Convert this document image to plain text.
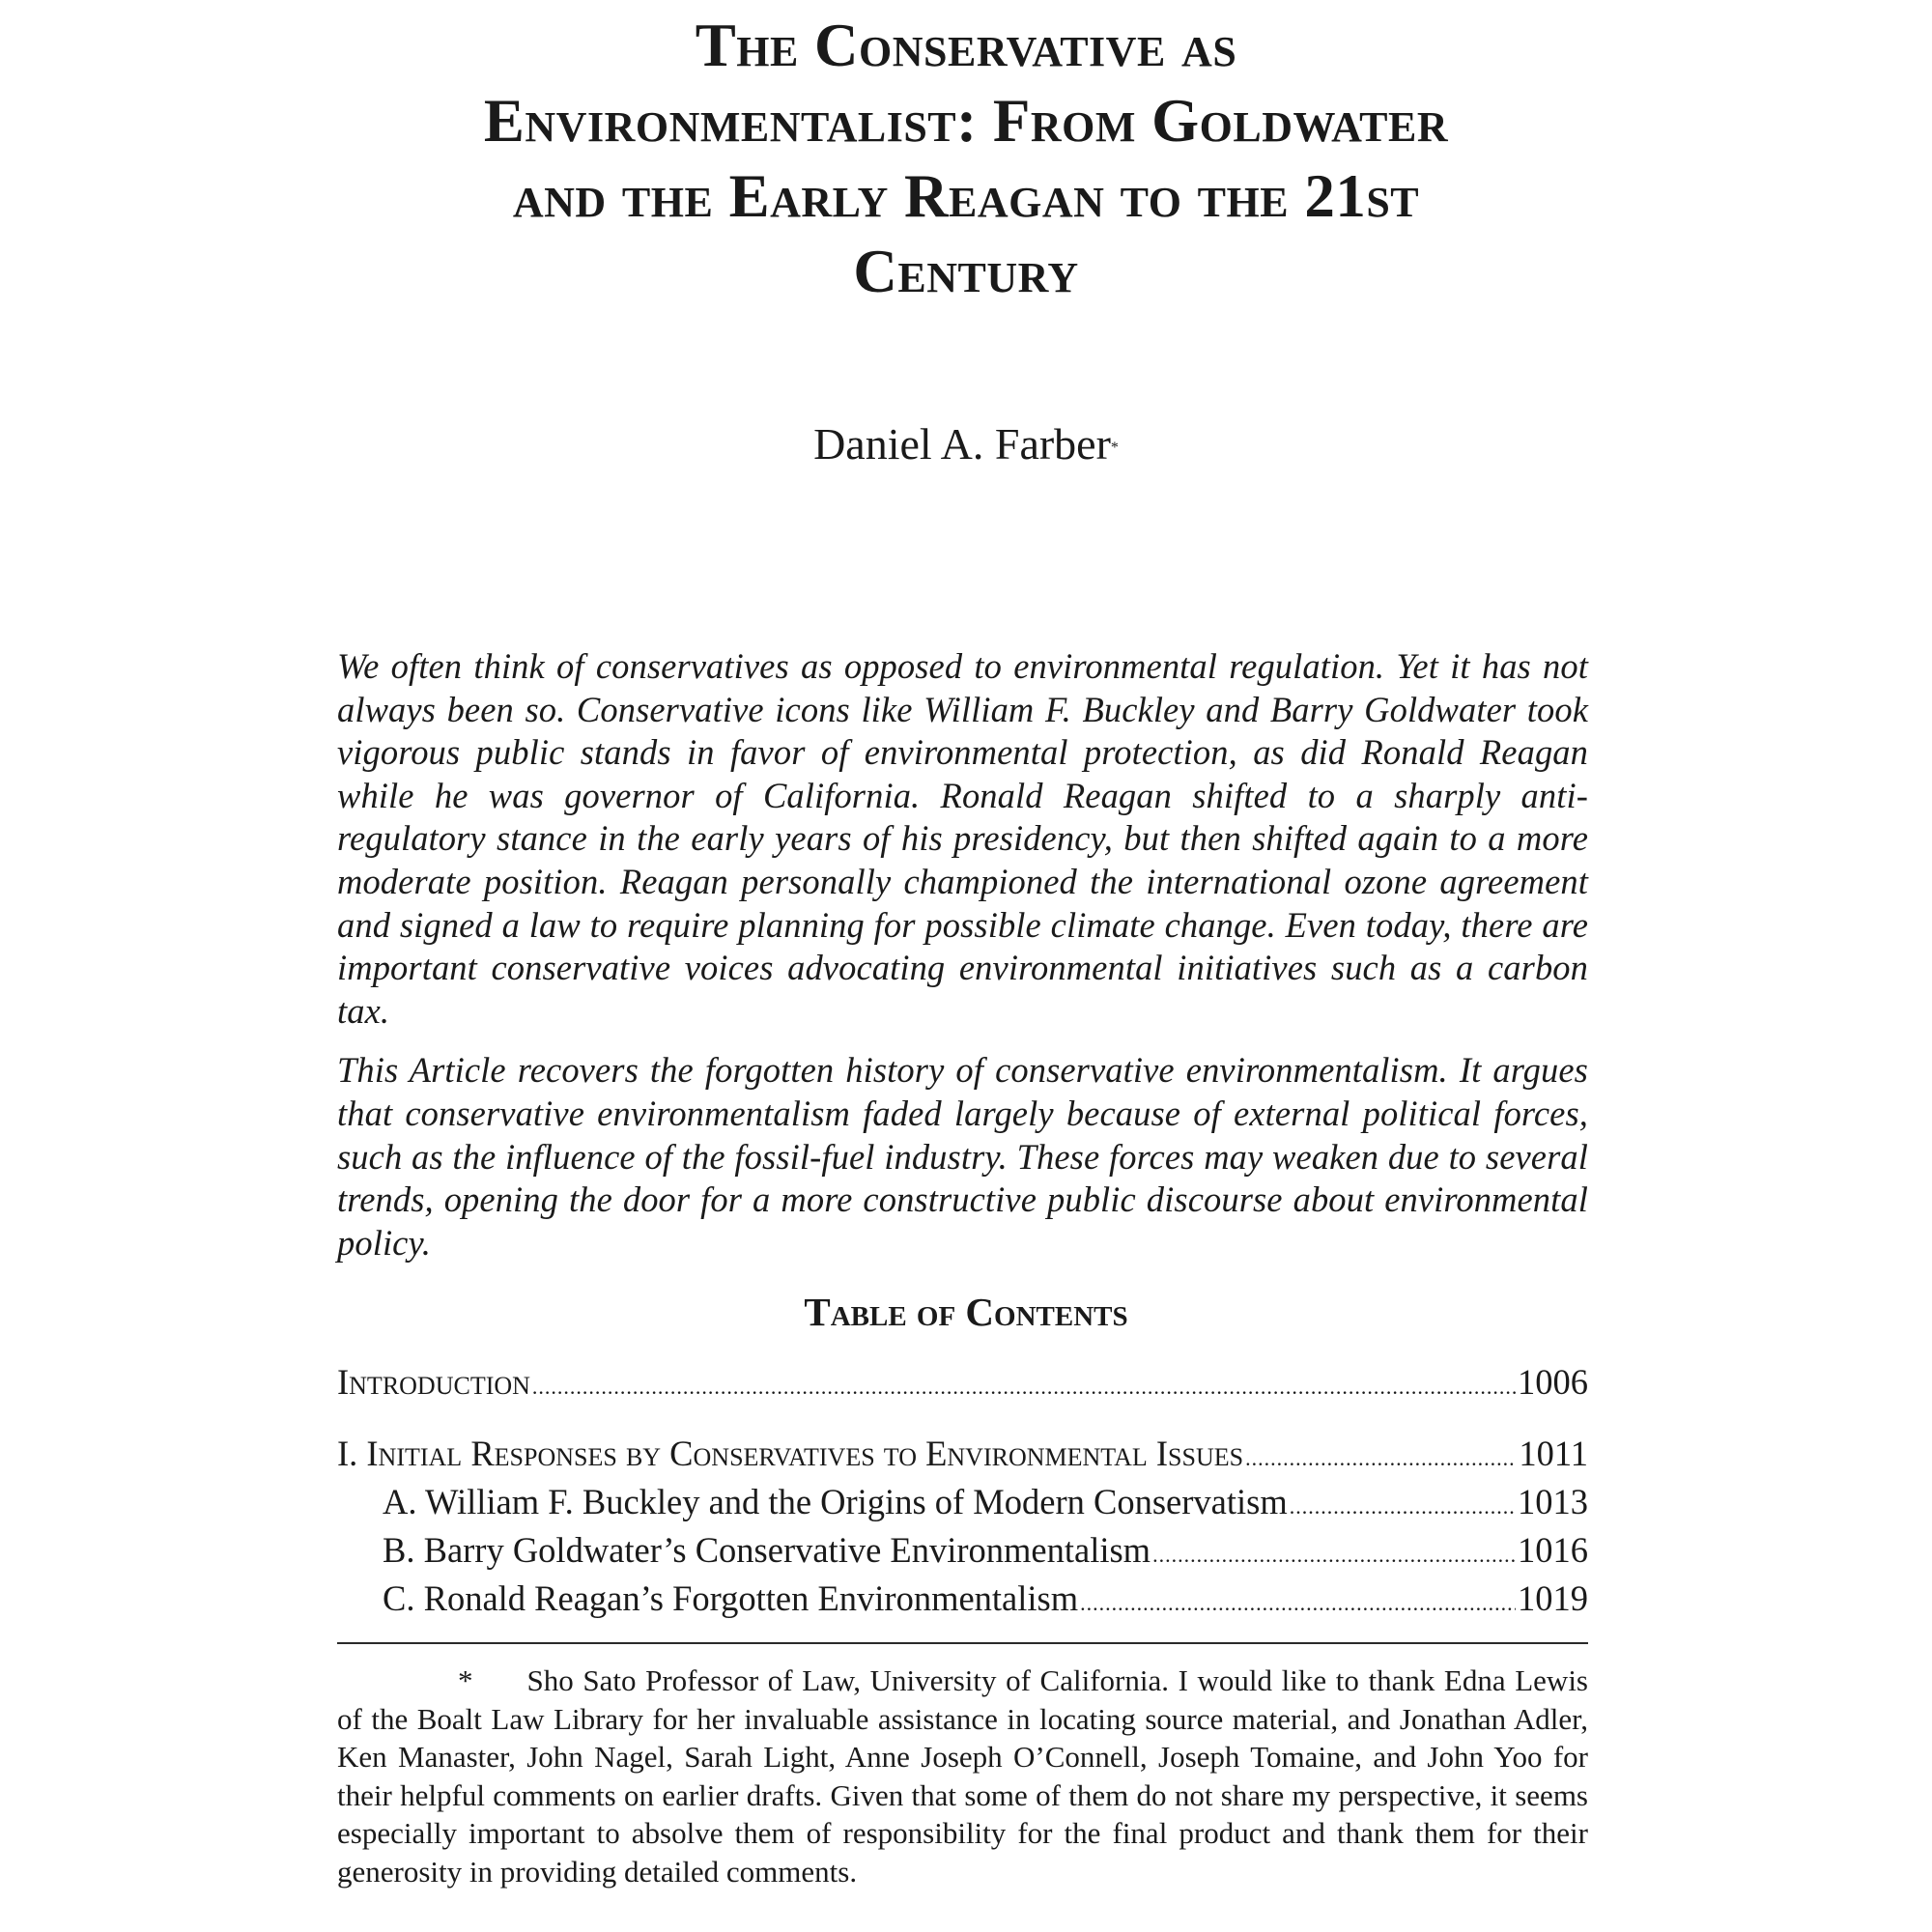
The Conservative as
Environmentalist: From Goldwater
and the Early Reagan to the 21st
Century
Daniel A. Farber*

We often think of conservatives as opposed to environmental regulation. Yet it has not always been so. Conservative icons like William F. Buckley and Barry Goldwater took vigorous public stands in favor of environmental protection, as did Ronald Reagan while he was governor of California. Ronald Reagan shifted to a sharply anti-regulatory stance in the early years of his presidency, but then shifted again to a more moderate position. Reagan personally championed the international ozone agreement and signed a law to require planning for possible climate change. Even today, there are important conservative voices advocating environmental initiatives such as a carbon tax.

This Article recovers the forgotten history of conservative environmentalism. It argues that conservative environmentalism faded largely because of external political forces, such as the influence of the fossil-fuel industry. These forces may weaken due to several trends, opening the door for a more constructive public discourse about environmental policy.

Table of Contents
Introduction .....	1006
I. Initial Responses by Conservatives to Environmental Issues .....	1011
A. William F. Buckley and the Origins of Modern Conservatism .....	1013
B. Barry Goldwater’s Conservative Environmentalism .....	1016
C. Ronald Reagan’s Forgotten Environmentalism .....	1019
* Sho Sato Professor of Law, University of California. I would like to thank Edna Lewis of the Boalt Law Library for her invaluable assistance in locating source material, and Jonathan Adler, Ken Manaster, John Nagel, Sarah Light, Anne Joseph O’Connell, Joseph Tomaine, and John Yoo for their helpful comments on earlier drafts. Given that some of them do not share my perspective, it seems especially important to absolve them of responsibility for the final product and thank them for their generosity in providing detailed comments.
